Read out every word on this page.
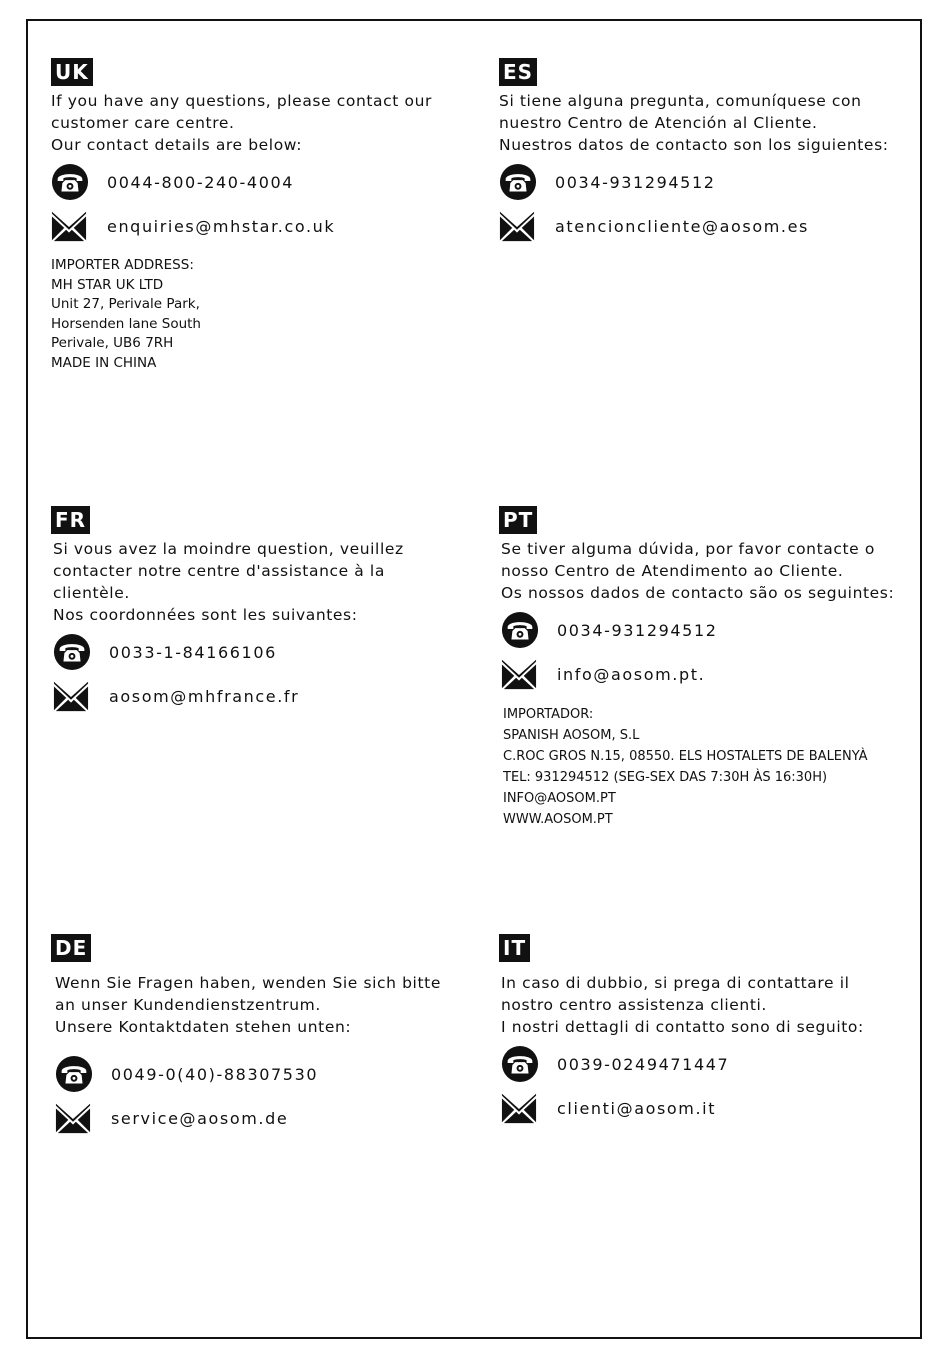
UK
If you have any questions, please contact our
customer care centre.
Our contact details are below:
0044-800-240-4004
enquiries@mhstar.co.uk
IMPORTER ADDRESS:
MH STAR UK LTD
Unit 27, Perivale Park,
Horsenden lane South
Perivale, UB6 7RH
MADE IN CHINA
ES
Si tiene alguna pregunta, comuníquese con
nuestro Centro de Atención al Cliente.
Nuestros datos de contacto son los siguientes:
0034-931294512
atencioncliente@aosom.es
FR
Si vous avez la moindre question, veuillez
contacter notre centre d'assistance à la
clientèle.
Nos coordonnées sont les suivantes:
0033-1-84166106
aosom@mhfrance.fr
PT
Se tiver alguma dúvida, por favor contacte o
nosso Centro de Atendimento ao Cliente.
Os nossos dados de contacto são os seguintes:
0034-931294512
info@aosom.pt.
IMPORTADOR:
SPANISH AOSOM, S.L
C.ROC GROS N.15, 08550. ELS HOSTALETS DE BALENYÀ
TEL: 931294512 (SEG-SEX DAS 7:30H ÀS 16:30H)
INFO@AOSOM.PT
WWW.AOSOM.PT
DE
Wenn Sie Fragen haben, wenden Sie sich bitte
an unser Kundendienstzentrum.
Unsere Kontaktdaten stehen unten:
0049-0(40)-88307530
service@aosom.de
IT
In caso di dubbio, si prega di contattare il
nostro centro assistenza clienti.
I nostri dettagli di contatto sono di seguito:
0039-0249471447
clienti@aosom.it
